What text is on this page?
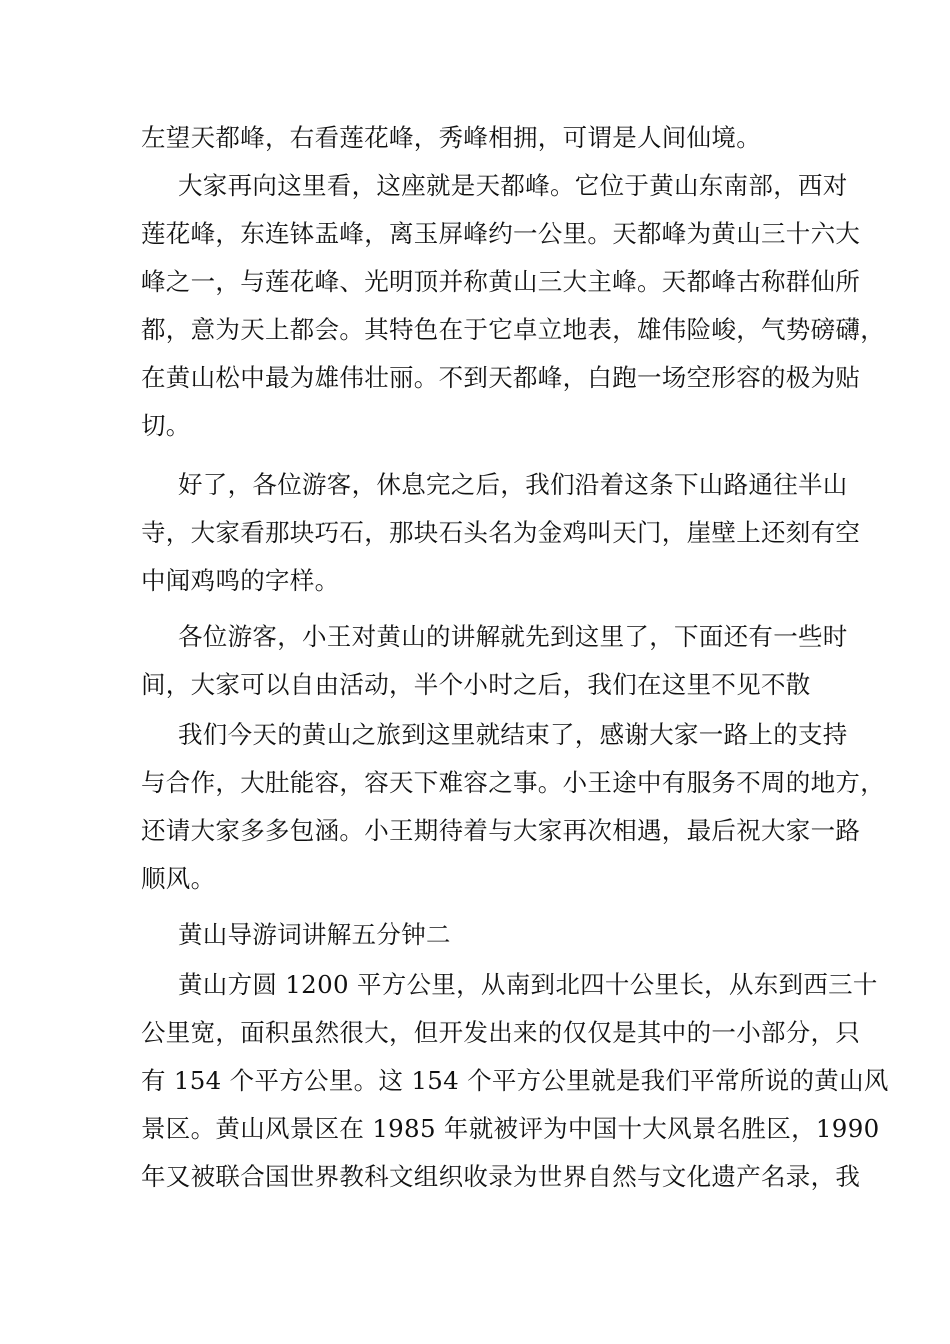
左望天都峰，右看莲花峰，秀峰相拥，可谓是人间仙境。
大家再向这里看，这座就是天都峰。它位于黄山东南部，西对
莲花峰，东连钵盂峰，离玉屏峰约一公里。天都峰为黄山三十六大
峰之一，与莲花峰、光明顶并称黄山三大主峰。天都峰古称群仙所
都，意为天上都会。其特色在于它卓立地表，雄伟险峻，气势磅礴，
在黄山松中最为雄伟壮丽。不到天都峰，白跑一场空形容的极为贴
切。
好了，各位游客，休息完之后，我们沿着这条下山路通往半山
寺，大家看那块巧石，那块石头名为金鸡叫天门，崖壁上还刻有空
中闻鸡鸣的字样。
各位游客，小王对黄山的讲解就先到这里了，下面还有一些时
间，大家可以自由活动，半个小时之后，我们在这里不见不散
我们今天的黄山之旅到这里就结束了，感谢大家一路上的支持
与合作，大肚能容，容天下难容之事。小王途中有服务不周的地方，
还请大家多多包涵。小王期待着与大家再次相遇，最后祝大家一路
顺风。
黄山导游词讲解五分钟二
黄山方圆 1200 平方公里，从南到北四十公里长，从东到西三十
公里宽，面积虽然很大，但开发出来的仅仅是其中的一小部分，只
有 154 个平方公里。这 154 个平方公里就是我们平常所说的黄山风
景区。黄山风景区在 1985 年就被评为中国十大风景名胜区，1990
年又被联合国世界教科文组织收录为世界自然与文化遗产名录，我
